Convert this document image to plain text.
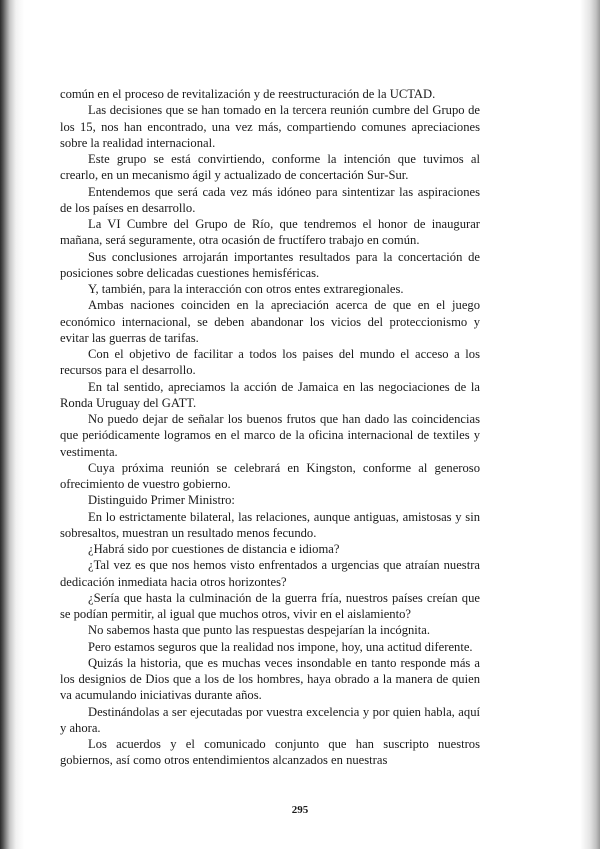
común en el proceso de revitalización y de reestructuración de la UCTAD.

Las decisiones que se han tomado en la tercera reunión cumbre del Grupo de los 15, nos han encontrado, una vez más, compartiendo comunes apreciaciones sobre la realidad internacional.

Este grupo se está convirtiendo, conforme la intención que tuvimos al crearlo, en un mecanismo ágil y actualizado de concertación Sur-Sur.

Entendemos que será cada vez más idóneo para sintentizar las aspiraciones de los países en desarrollo.

La VI Cumbre del Grupo de Río, que tendremos el honor de inaugurar mañana, será seguramente, otra ocasión de fructífero trabajo en común.

Sus conclusiones arrojarán importantes resultados para la concertación de posiciones sobre delicadas cuestiones hemisféricas.

Y, también, para la interacción con otros entes extraregionales.

Ambas naciones coinciden en la apreciación acerca de que en el juego económico internacional, se deben abandonar los vicios del proteccionismo y evitar las guerras de tarifas.

Con el objetivo de facilitar a todos los paises del mundo el acceso a los recursos para el desarrollo.

En tal sentido, apreciamos la acción de Jamaica en las negociaciones de la Ronda Uruguay del GATT.

No puedo dejar de señalar los buenos frutos que han dado las coincidencias que periódicamente logramos en el marco de la oficina internacional de textiles y vestimenta.

Cuya próxima reunión se celebrará en Kingston, conforme al generoso ofrecimiento de vuestro gobierno.

Distinguido Primer Ministro:

En lo estrictamente bilateral, las relaciones, aunque antiguas, amistosas y sin sobresaltos, muestran un resultado menos fecundo.

¿Habrá sido por cuestiones de distancia e idioma?

¿Tal vez es que nos hemos visto enfrentados a urgencias que atraían nuestra dedicación inmediata hacia otros horizontes?

¿Sería que hasta la culminación de la guerra fría, nuestros países creían que se podían permitir, al igual que muchos otros, vivir en el aislamiento?

No sabemos hasta que punto las respuestas despejarían la incógnita.

Pero estamos seguros que la realidad nos impone, hoy, una actitud diferente.

Quizás la historia, que es muchas veces insondable en tanto responde más a los designios de Dios que a los de los hombres, haya obrado a la manera de quien va acumulando iniciativas durante años.

Destinándolas a ser ejecutadas por vuestra excelencia y por quien habla, aquí y ahora.

Los acuerdos y el comunicado conjunto que han suscripto nuestros gobiernos, así como otros entendimientos alcanzados en nuestras

295
